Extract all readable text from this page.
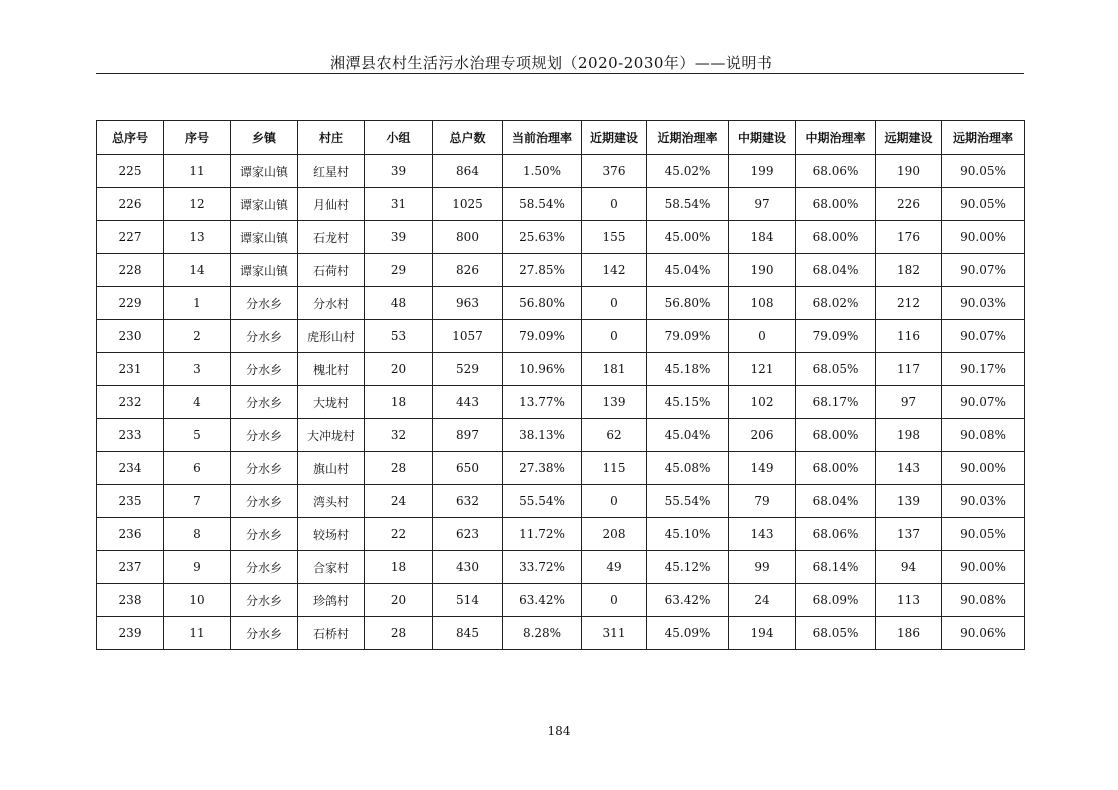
湘潭县农村生活污水治理专项规划（2020-2030年）——说明书
总序号	序号	乡镇	村庄	小组	总户数	当前治理率	近期建设	近期治理率	中期建设	中期治理率	远期建设	远期治理率
225	11	谭家山镇	红星村	39	864	1.50%	376	45.02%	199	68.06%	190	90.05%
226	12	谭家山镇	月仙村	31	1025	58.54%	0	58.54%	97	68.00%	226	90.05%
227	13	谭家山镇	石龙村	39	800	25.63%	155	45.00%	184	68.00%	176	90.00%
228	14	谭家山镇	石荷村	29	826	27.85%	142	45.04%	190	68.04%	182	90.07%
229	1	分水乡	分水村	48	963	56.80%	0	56.80%	108	68.02%	212	90.03%
230	2	分水乡	虎形山村	53	1057	79.09%	0	79.09%	0	79.09%	116	90.07%
231	3	分水乡	槐北村	20	529	10.96%	181	45.18%	121	68.05%	117	90.17%
232	4	分水乡	大垅村	18	443	13.77%	139	45.15%	102	68.17%	97	90.07%
233	5	分水乡	大冲垅村	32	897	38.13%	62	45.04%	206	68.00%	198	90.08%
234	6	分水乡	旗山村	28	650	27.38%	115	45.08%	149	68.00%	143	90.00%
235	7	分水乡	湾头村	24	632	55.54%	0	55.54%	79	68.04%	139	90.03%
236	8	分水乡	较场村	22	623	11.72%	208	45.10%	143	68.06%	137	90.05%
237	9	分水乡	合家村	18	430	33.72%	49	45.12%	99	68.14%	94	90.00%
238	10	分水乡	珍鸽村	20	514	63.42%	0	63.42%	24	68.09%	113	90.08%
239	11	分水乡	石桥村	28	845	8.28%	311	45.09%	194	68.05%	186	90.06%
184
